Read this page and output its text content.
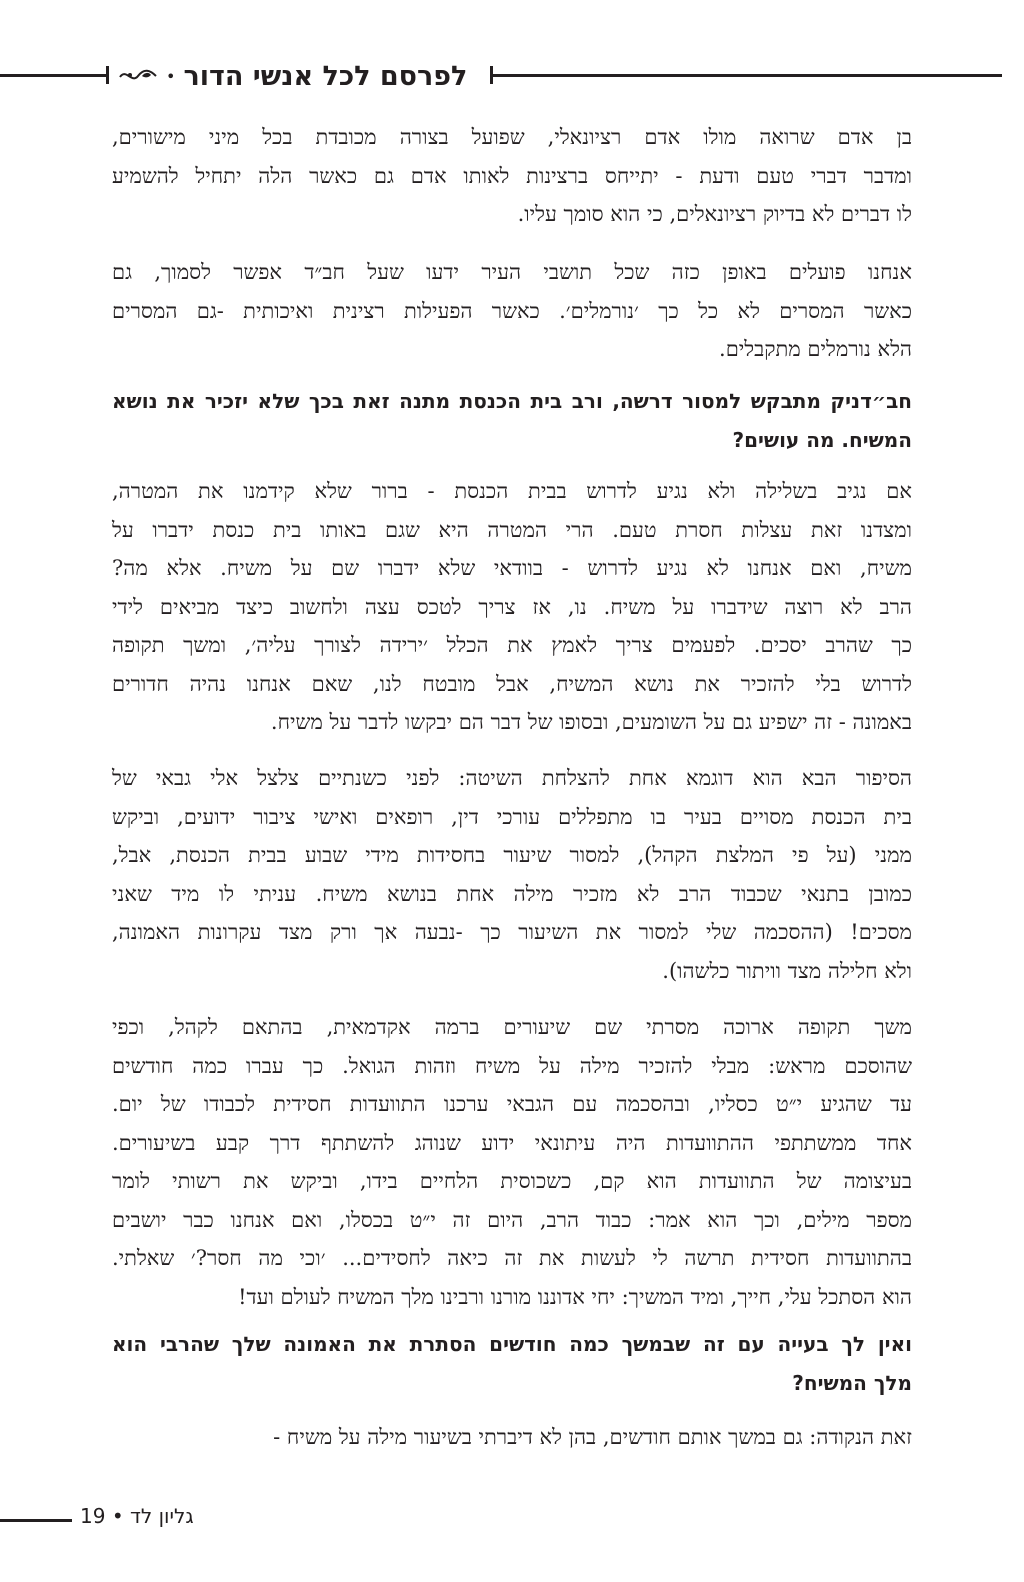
לפרסם לכל אנשי הדור
•
בן אדם שרואה מולו אדם רציונאלי, שפועל בצורה מכובדת בכל מיני מישורים,
ומדבר דברי טעם ודעת - יתייחס ברצינות לאותו אדם גם כאשר הלה יתחיל להשמיע
לו דברים לא בדיוק רציונאלים, כי הוא סומך עליו.
אנחנו פועלים באופן כזה שכל תושבי העיר ידעו שעל חב״ד אפשר לסמוך, גם
כאשר המסרים לא כל כך ׳נורמלים׳. כאשר הפעילות רצינית ואיכותית -גם המסרים
הלא נורמלים מתקבלים.
חב״דניק מתבקש למסור דרשה, ורב בית הכנסת מתנה זאת בכך שלא יזכיר את נושא
המשיח. מה עושים?
אם נגיב בשלילה ולא נגיע לדרוש בבית הכנסת - ברור שלא קידמנו את המטרה,
ומצדנו זאת עצלות חסרת טעם. הרי המטרה היא שגם באותו בית כנסת ידברו על
משיח, ואם אנחנו לא נגיע לדרוש - בוודאי שלא ידברו שם על משיח. אלא מה?
הרב לא רוצה שידברו על משיח. נו, אז צריך לטכס עצה ולחשוב כיצד מביאים לידי
כך שהרב יסכים. לפעמים צריך לאמץ את הכלל ׳ירידה לצורך עליה׳, ומשך תקופה
לדרוש בלי להזכיר את נושא המשיח, אבל מובטח לנו, שאם אנחנו נהיה חדורים
באמונה - זה ישפיע גם על השומעים, ובסופו של דבר הם יבקשו לדבר על משיח.
הסיפור הבא הוא דוגמא אחת להצלחת השיטה: לפני כשנתיים צלצל אלי גבאי של
בית הכנסת מסויים בעיר בו מתפללים עורכי דין, רופאים ואישי ציבור ידועים, וביקש
ממני (על פי המלצת הקהל), למסור שיעור בחסידות מידי שבוע בבית הכנסת, אבל,
כמובן בתנאי שכבוד הרב לא מזכיר מילה אחת בנושא משיח. עניתי לו מיד שאני
מסכים! (ההסכמה שלי למסור את השיעור כך -נבעה אך ורק מצד עקרונות האמונה,
ולא חלילה מצד וויתור כלשהו).
משך תקופה ארוכה מסרתי שם שיעורים ברמה אקדמאית, בהתאם לקהל, וכפי
שהוסכם מראש: מבלי להזכיר מילה על משיח וזהות הגואל. כך עברו כמה חודשים
עד שהגיע י״ט כסליו, ובהסכמה עם הגבאי ערכנו התוועדות חסידית לכבודו של יום.
אחד ממשתתפי ההתוועדות היה עיתונאי ידוע שנוהג להשתתף דרך קבע בשיעורים.
בעיצומה של התוועדות הוא קם, כשכוסית הלחיים בידו, וביקש את רשותי לומר
מספר מילים, וכך הוא אמר: כבוד הרב, היום זה י״ט בכסלו, ואם אנחנו כבר יושבים
בהתוועדות חסידית תרשה לי לעשות את זה כיאה לחסידים... ׳וכי מה חסר?׳ שאלתי.
הוא הסתכל עלי, חייך, ומיד המשיך: יחי אדוננו מורנו ורבינו מלך המשיח לעולם ועד!
ואין לך בעייה עם זה שבמשך כמה חודשים הסתרת את האמונה שלך שהרבי הוא
מלך המשיח?
זאת הנקודה: גם במשך אותם חודשים, בהן לא דיברתי בשיעור מילה על משיח -
גליון לד • 19
